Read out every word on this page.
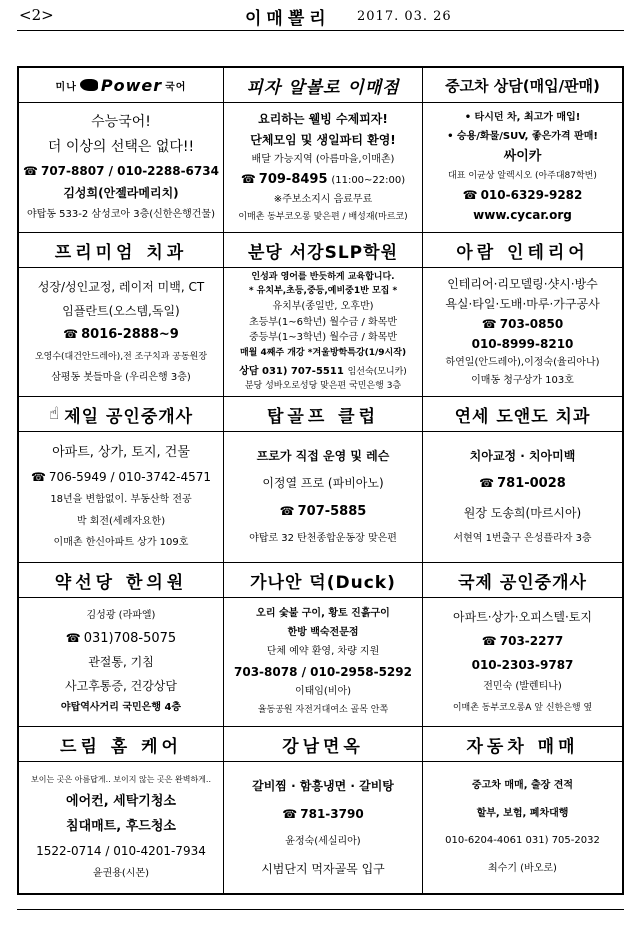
<2>	이매뽈리 2017. 03. 26
미나 Power 국어
수능국어!
더 이상의 선택은 없다!!
☎ 707-8807 / 010-2288-6734
김성희(안젤라메리치)
야탑동 533-2 삼성코아 3층(신한은행건물)
피자 알볼로 이매점
요리하는 웰빙 수제피자!
단체모임 및 생일파티 환영!
배달 가능지역 (아름마을,이매촌)
☎ 709-8495 (11:00~22:00)
※주보소지시 음료무료
이매촌 동부코오롱 맞은편 / 배성재(마르코)
중고차 상담(매입/판매)
• 타시던 차, 최고가 매입!
• 승용/화물/SUV, 좋은가격 판매!
싸이카
대표 이균상 알렉시오 (아주대87학번)
☎ 010-6329-9282
www.cycar.org
프리미엄 치과
성장/성인교정, 레이저 미백, CT
임플란트(오스템,독일)
☎ 8016-2888~9
오영수(대건안드레아),전 조구치과 공동원장
삼평동 봇들마을 (우리은행 3층)
분당 서강SLP학원
인성과 영어를 반듯하게 교육합니다.
* 유치부,초등,중등,예비중1반 모집 *
유치부(종일반, 오후반)
초등부(1~6학년) 월수금 / 화목반
중등부(1~3학년) 월수금 / 화목반
매월 4째주 개강 *겨울방학특강(1/9시작)
상담 031) 707-5511 임선숙(모니카)
분당 성바오로성당 맞은편 국민은행 3층
아람 인테리어
인테리어·리모델링·샷시·방수
욕실·타일·도배·마루·가구공사
☎ 703-0850
010-8999-8210
하연일(안드레아),이정숙(율리아나)
이매동 청구상가 103호
☝ 제일 공인중개사
아파트, 상가, 토지, 건물
☎ 706-5949 / 010-3742-4571
18년을 변함없이. 부동산학 전공
박 회전(세례자요한)
이매촌 한신아파트 상가 109호
탑골프 클럽
프로가 직접 운영 및 레슨
이정열 프로 (파비아노)
☎ 707-5885
야탑로 32 탄천종합운동장 맞은편
연세 도앤도 치과
치아교정 · 치아미백
☎ 781-0028
원장 도송희(마르시아)
서현역 1번출구 은성플라자 3층
약선당 한의원
김성광 (라파엘)
☎ 031)708-5075
관절통, 기침
사고후통증, 건강상담
야탑역사거리 국민은행 4층
가나안 덕(Duck)
오리 숯불 구이, 황토 진흙구이
한방 백숙전문점
단체 예약 환영, 차량 지원
703-8078 / 010-2958-5292
이태임(비아)
율동공원 자전거대여소 골목 안쪽
국제 공인중개사
아파트·상가·오피스텔·토지
☎ 703-2277
010-2303-9787
전민숙 (발렌티나)
이매촌 동부코오롱A 앞 신한은행 옆
드림 홈 케어
보이는 곳은 아름답게.. 보이지 않는 곳은 완벽하게..
에어컨, 세탁기청소
침대매트, 후드청소
1522-0714 / 010-4201-7934
윤권용(시몬)
강남면옥
갈비찜 · 함흥냉면 · 갈비탕
☎ 781-3790
윤정숙(세실리아)
시범단지 먹자골목 입구
자동차 매매
중고차 매매, 출장 견적
할부, 보험, 폐차대행
010-6204-4061 031) 705-2032
최수기 (바오로)
